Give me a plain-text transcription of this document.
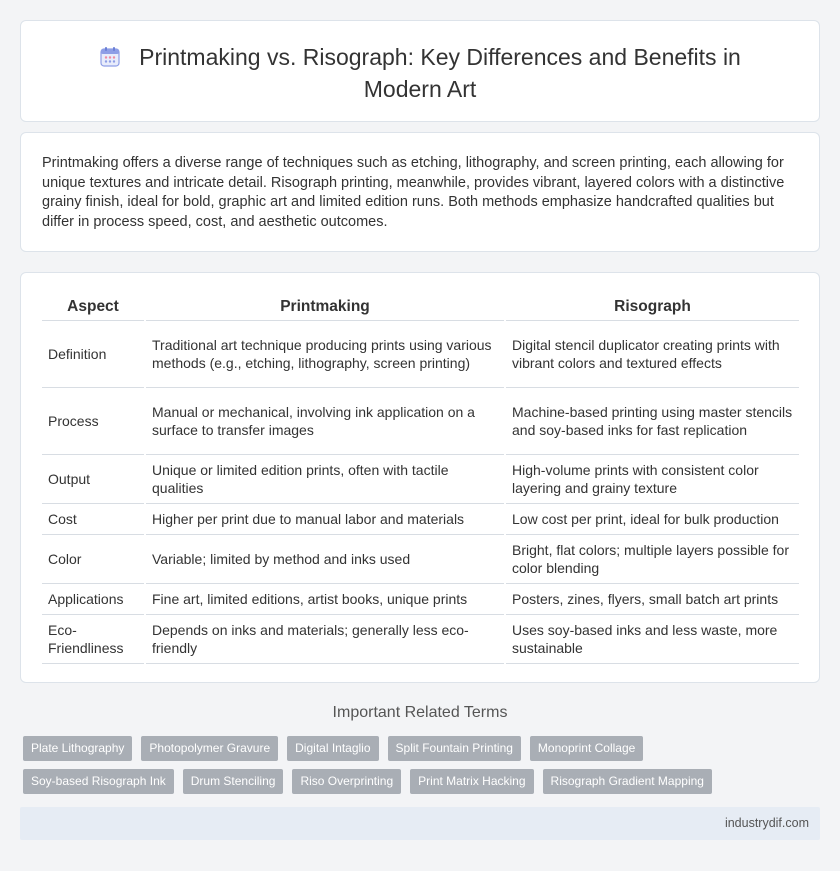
Printmaking vs. Risograph: Key Differences and Benefits in Modern Art

Printmaking offers a diverse range of techniques such as etching, lithography, and screen printing, each allowing for unique textures and intricate detail. Risograph printing, meanwhile, provides vibrant, layered colors with a distinctive grainy finish, ideal for bold, graphic art and limited edition runs. Both methods emphasize handcrafted qualities but differ in process speed, cost, and aesthetic outcomes.

Aspect	Printmaking	Risograph
Definition	Traditional art technique producing prints using various methods (e.g., etching, lithography, screen printing)	Digital stencil duplicator creating prints with vibrant colors and textured effects
Process	Manual or mechanical, involving ink application on a surface to transfer images	Machine-based printing using master stencils and soy-based inks for fast replication
Output	Unique or limited edition prints, often with tactile qualities	High-volume prints with consistent color layering and grainy texture
Cost	Higher per print due to manual labor and materials	Low cost per print, ideal for bulk production
Color	Variable; limited by method and inks used	Bright, flat colors; multiple layers possible for color blending
Applications	Fine art, limited editions, artist books, unique prints	Posters, zines, flyers, small batch art prints
Eco-Friendliness	Depends on inks and materials; generally less eco-friendly	Uses soy-based inks and less waste, more sustainable
Important Related Terms
Plate Lithography	Photopolymer Gravure	Digital Intaglio	Split Fountain Printing	Monoprint Collage
Soy-based Risograph Ink	Drum Stenciling	Riso Overprinting	Print Matrix Hacking	Risograph Gradient Mapping
industrydif.com
